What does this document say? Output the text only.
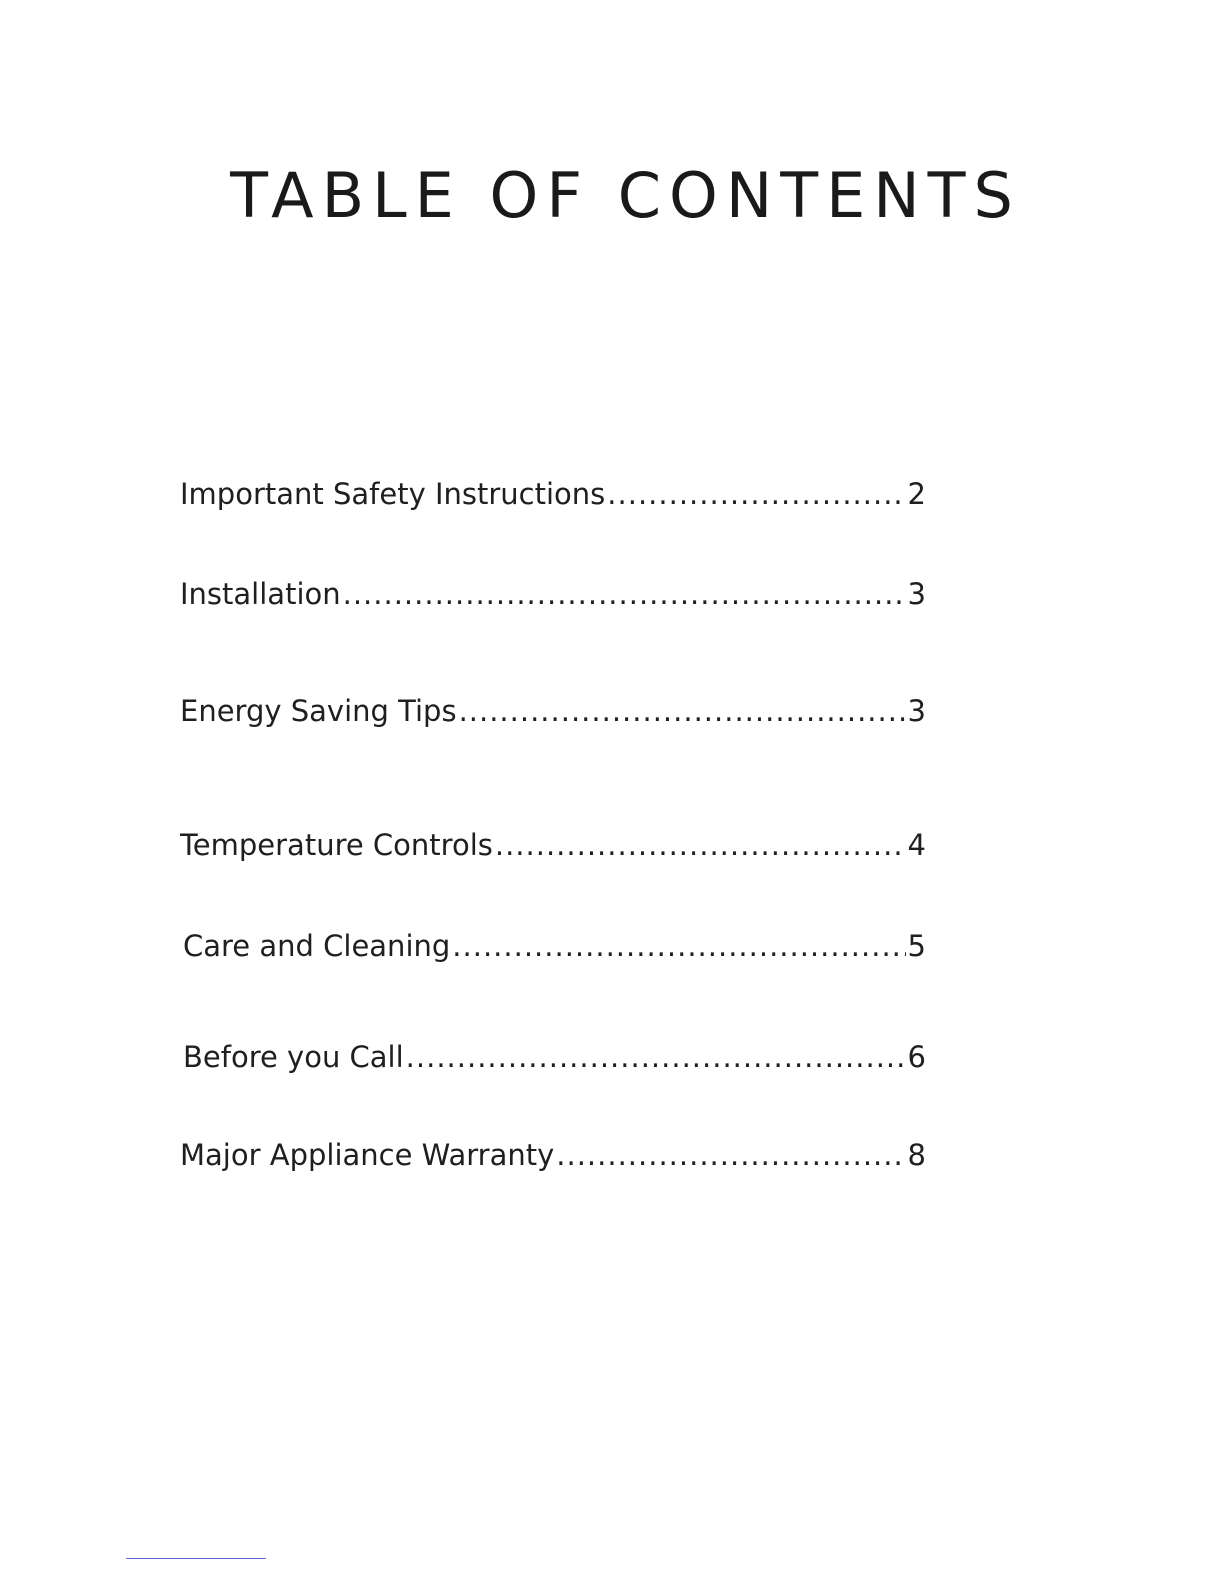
TABLE OF CONTENTS
Important Safety Instructions .....	2
Installation .....	3
Energy Saving Tips .....	3
Temperature Controls .....	4
Care and Cleaning .....	5
Before you Call .....	6
Major Appliance Warranty .....	8
